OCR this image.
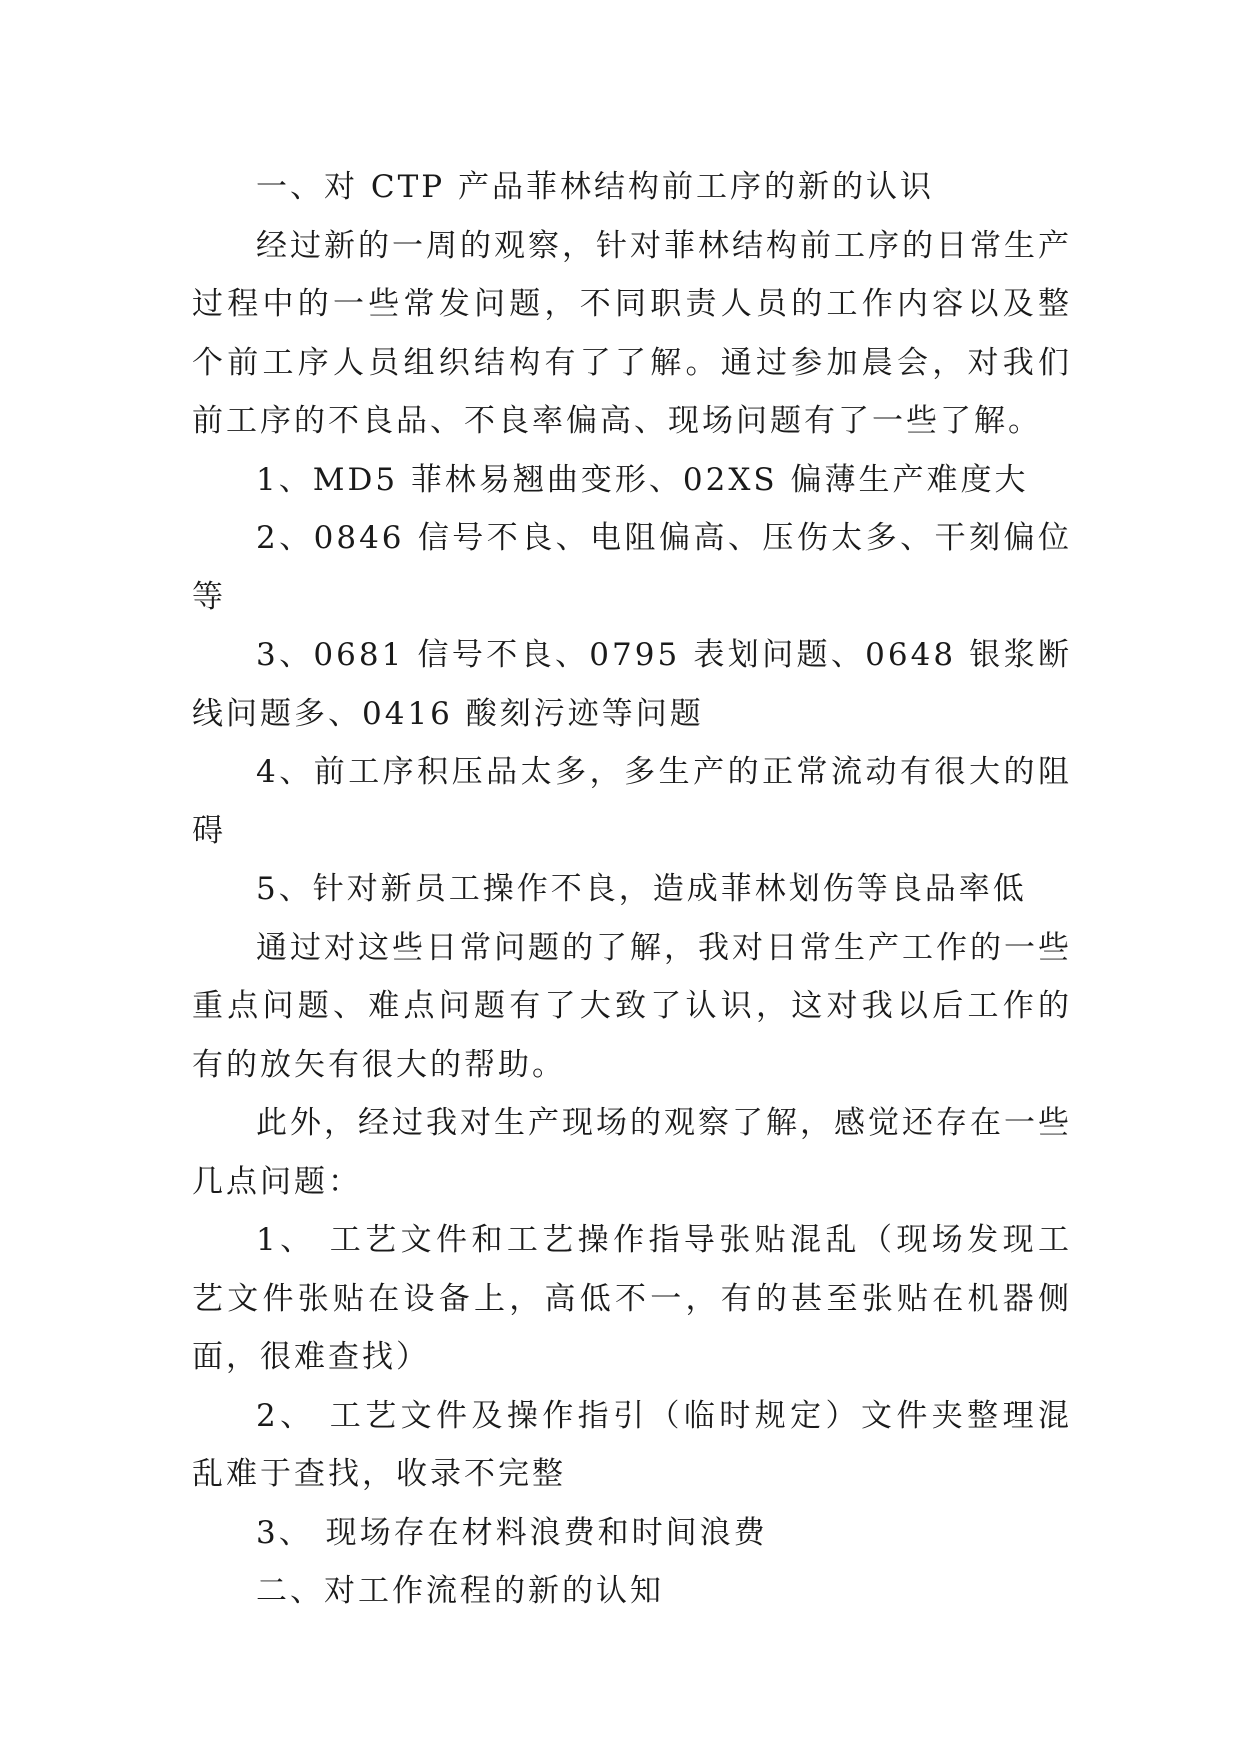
一、对 CTP 产品菲林结构前工序的新的认识

经过新的一周的观察，针对菲林结构前工序的日常生产过程中的一些常发问题，不同职责人员的工作内容以及整个前工序人员组织结构有了了解。通过参加晨会，对我们前工序的不良品、不良率偏高、现场问题有了一些了解。

1、MD5 菲林易翘曲变形、02XS 偏薄生产难度大

2、0846 信号不良、电阻偏高、压伤太多、干刻偏位等

3、0681 信号不良、0795 表划问题、0648 银浆断线问题多、0416 酸刻污迹等问题

4、前工序积压品太多，多生产的正常流动有很大的阻碍

5、针对新员工操作不良，造成菲林划伤等良品率低

通过对这些日常问题的了解，我对日常生产工作的一些重点问题、难点问题有了大致了认识，这对我以后工作的有的放矢有很大的帮助。

此外，经过我对生产现场的观察了解，感觉还存在一些几点问题：

1、 工艺文件和工艺操作指导张贴混乱（现场发现工艺文件张贴在设备上，高低不一，有的甚至张贴在机器侧面，很难查找）

2、 工艺文件及操作指引（临时规定）文件夹整理混乱难于查找，收录不完整

3、 现场存在材料浪费和时间浪费

二、对工作流程的新的认知
